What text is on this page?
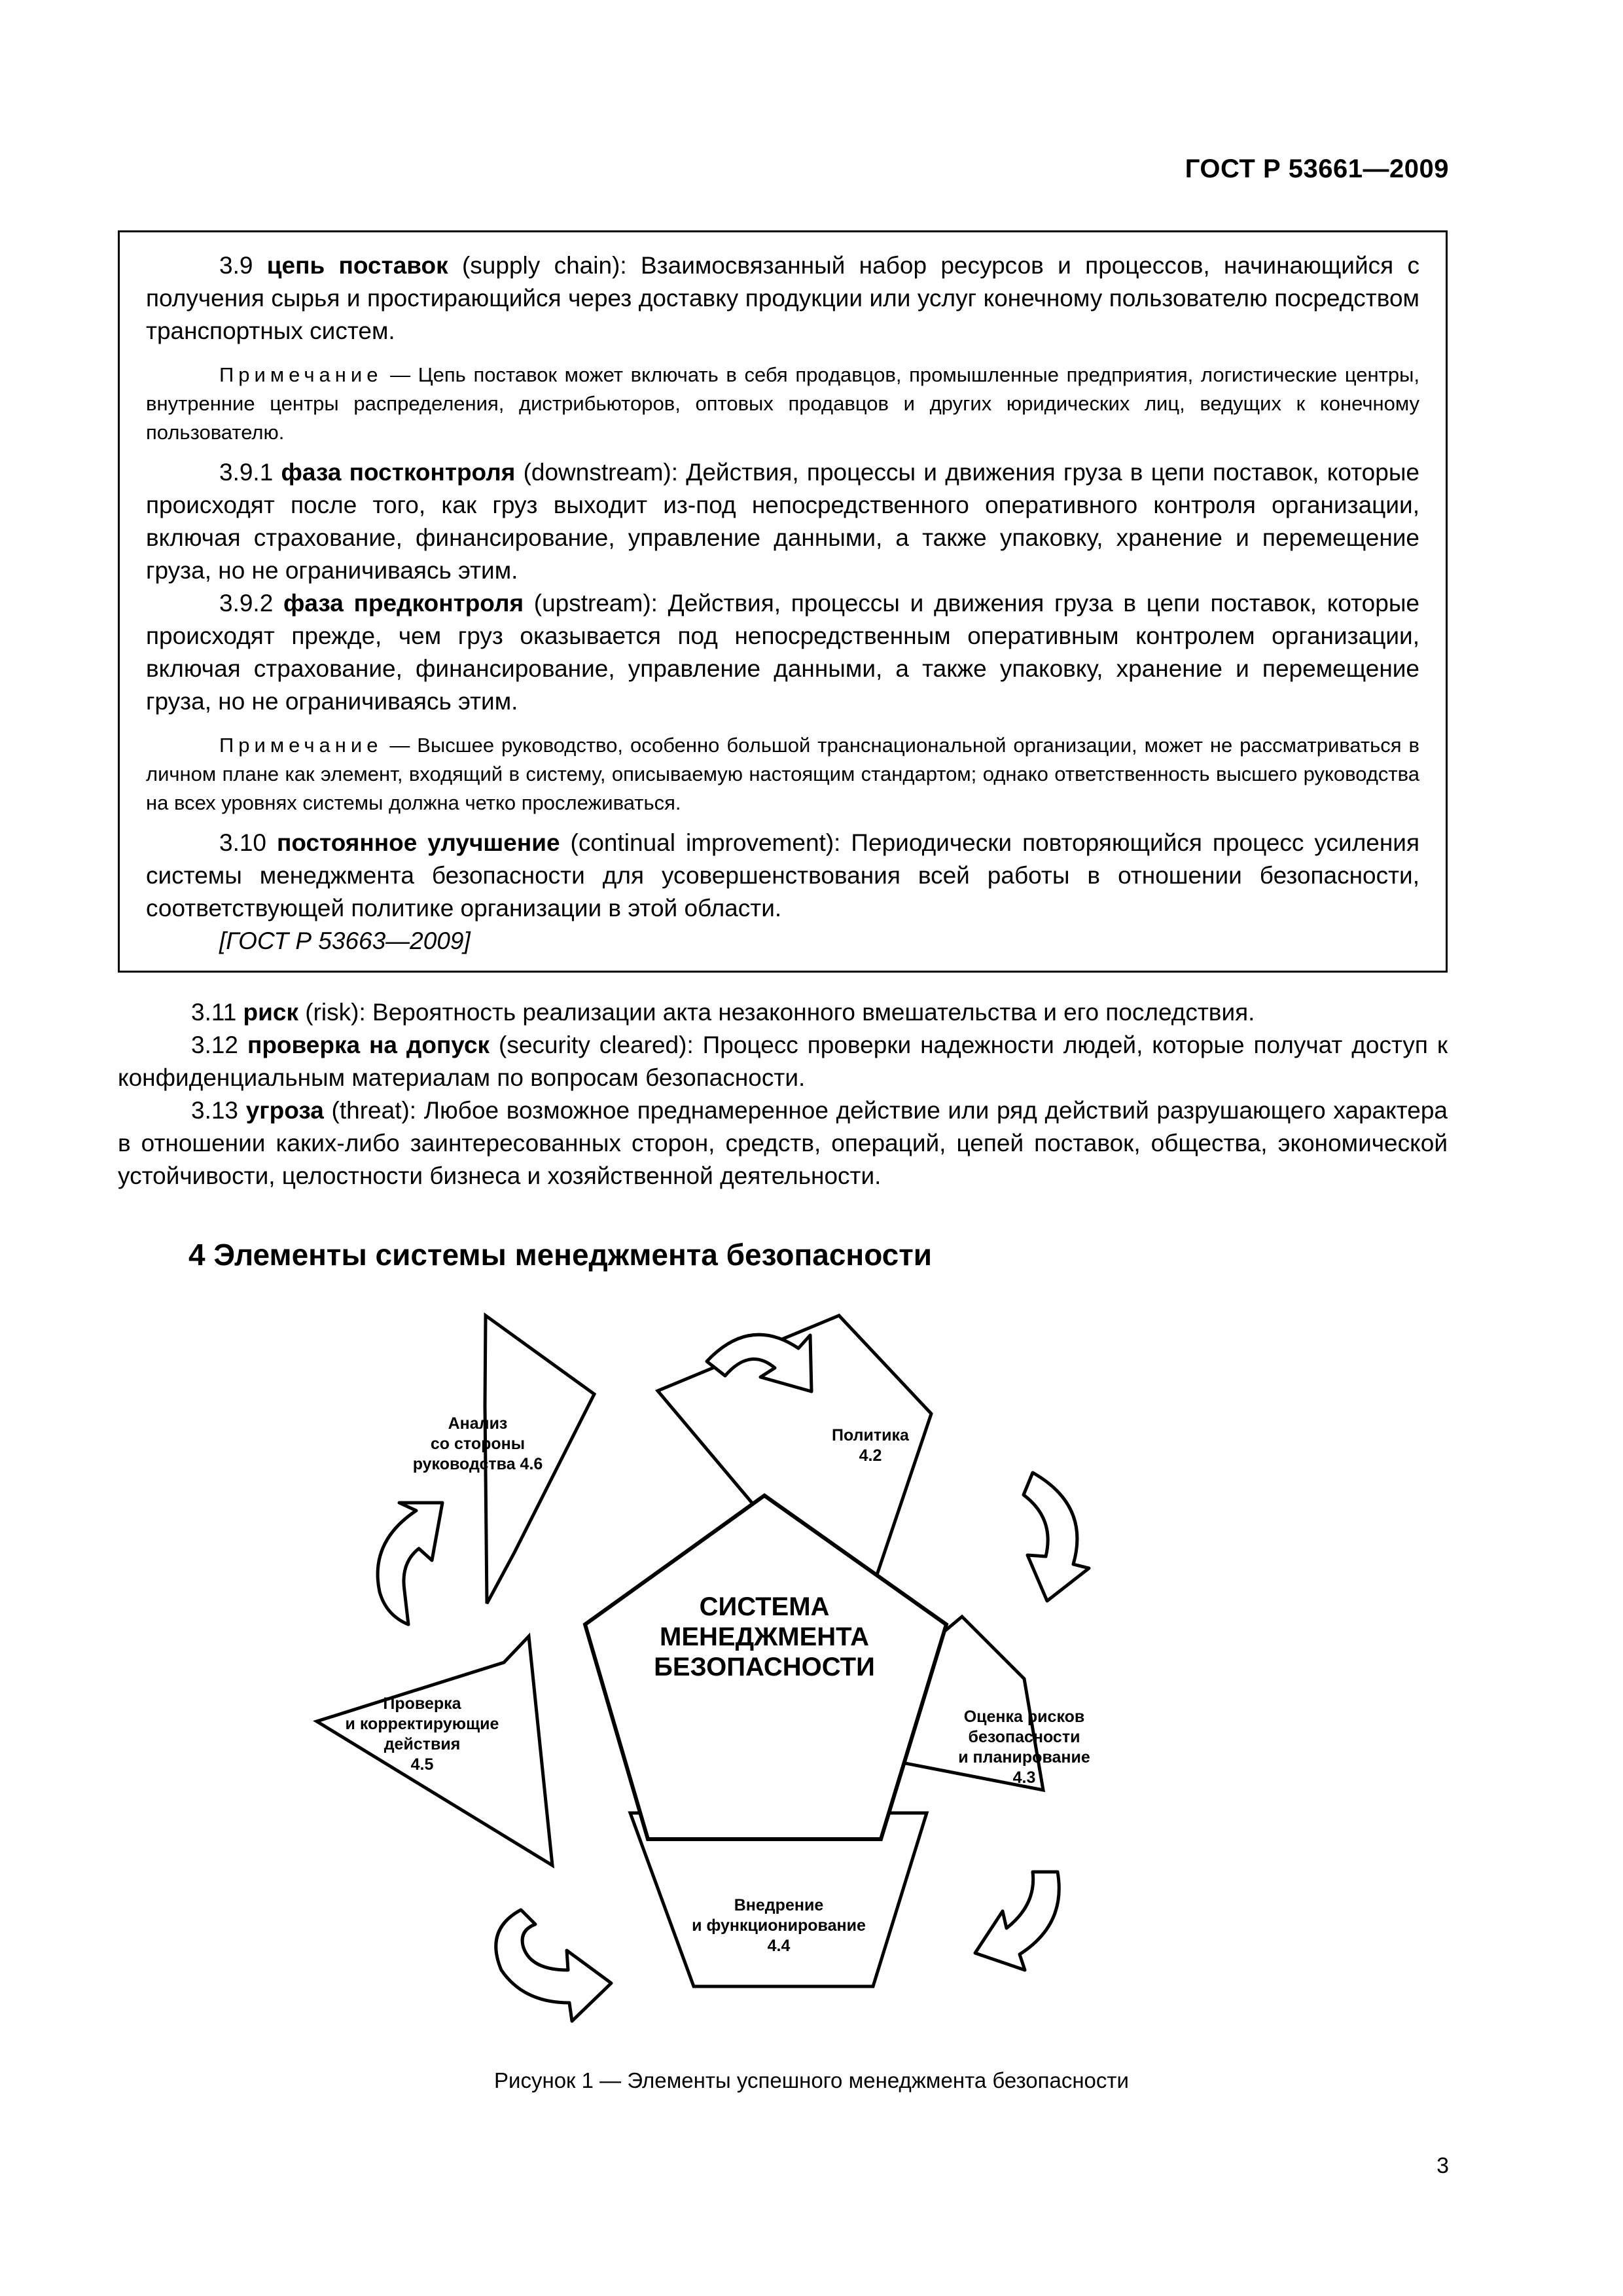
ГОСТ Р 53661—2009

3.9 цепь поставок (supply chain): Взаимосвязанный набор ресурсов и процессов, начинающийся с получения сырья и простирающийся через доставку продукции или услуг конечному пользователю посредством транспортных систем.

Примечание — Цепь поставок может включать в себя продавцов, промышленные предприятия, логистические центры, внутренние центры распределения, дистрибьюторов, оптовых продавцов и других юридических лиц, ведущих к конечному пользователю.

3.9.1 фаза постконтроля (downstream): Действия, процессы и движения груза в цепи поставок, которые происходят после того, как груз выходит из-под непосредственного оперативного контроля организации, включая страхование, финансирование, управление данными, а также упаковку, хранение и перемещение груза, но не ограничиваясь этим.

3.9.2 фаза предконтроля (upstream): Действия, процессы и движения груза в цепи поставок, которые происходят прежде, чем груз оказывается под непосредственным оперативным контролем организации, включая страхование, финансирование, управление данными, а также упаковку, хранение и перемещение груза, но не ограничиваясь этим.

Примечание — Высшее руководство, особенно большой транснациональной организации, может не рассматриваться в личном плане как элемент, входящий в систему, описываемую настоящим стандартом; однако ответственность высшего руководства на всех уровнях системы должна четко прослеживаться.

3.10 постоянное улучшение (continual improvement): Периодически повторяющийся процесс усиления системы менеджмента безопасности для усовершенствования всей работы в отношении безопасности, соответствующей политике организации в этой области.

[ГОСТ Р 53663—2009]

3.11 риск (risk): Вероятность реализации акта незаконного вмешательства и его последствия.

3.12 проверка на допуск (security cleared): Процесс проверки надежности людей, которые получат доступ к конфиденциальным материалам по вопросам безопасности.

3.13 угроза (threat): Любое возможное преднамеренное действие или ряд действий разрушающего характера в отношении каких-либо заинтересованных сторон, средств, операций, цепей поставок, общества, экономической устойчивости, целостности бизнеса и хозяйственной деятельности.

4 Элементы системы менеджмента безопасности
СИСТЕМА
МЕНЕДЖМЕНТА
БЕЗОПАСНОСТИ
Анализ
со стороны
руководства 4.6
Политика
4.2
Оценка рисков
безопасности
и планирование
4.3
Внедрение
и функционирование
4.4
Проверка
и корректирующие
действия
4.5

Рисунок 1 — Элементы успешного менеджмента безопасности

3
